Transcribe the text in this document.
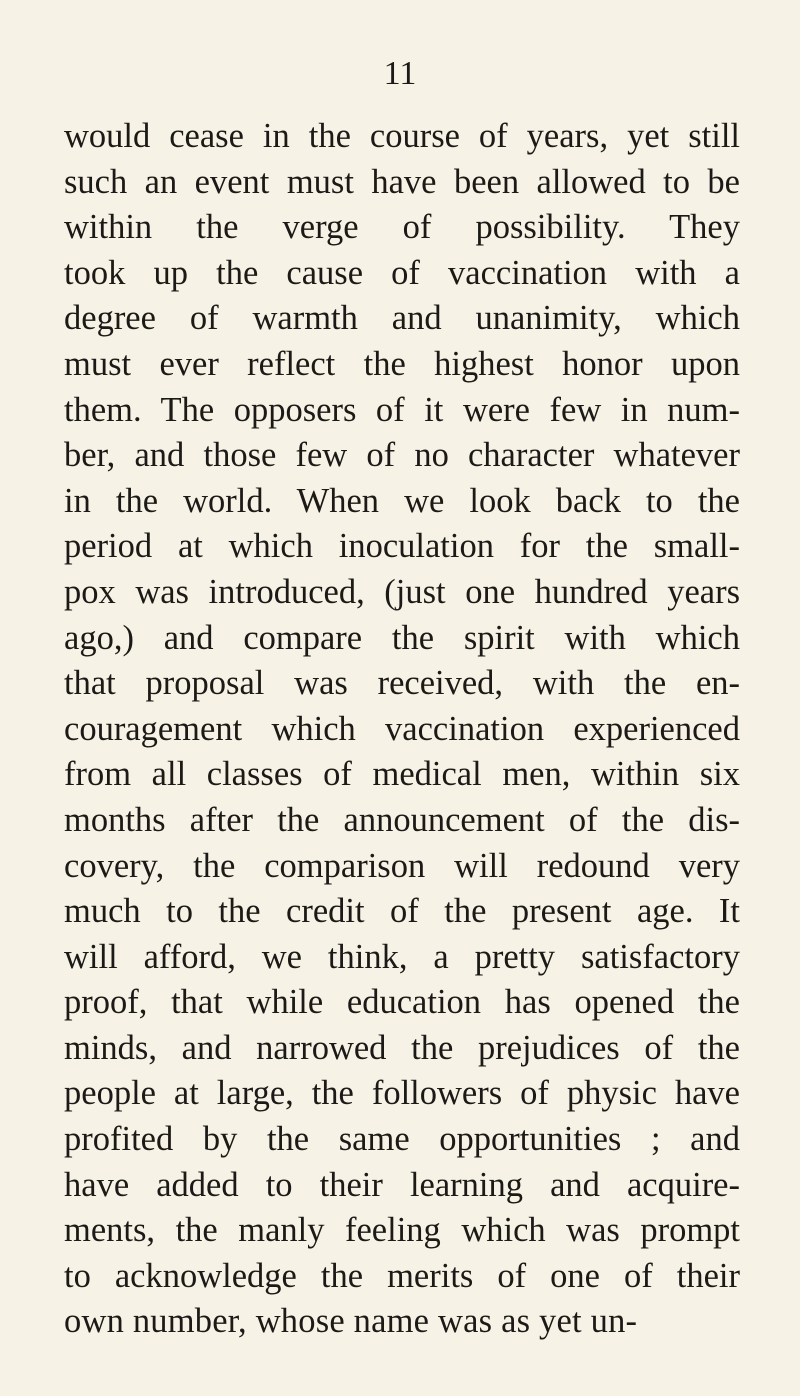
11
would cease in the course of years, yet still
such an event must have been allowed to be
within the verge of possibility. They
took up the cause of vaccination with a
degree of warmth and unanimity, which
must ever reflect the highest honor upon
them. The opposers of it were few in num-
ber, and those few of no character whatever
in the world. When we look back to the
period at which inoculation for the small-
pox was introduced, (just one hundred years
ago,) and compare the spirit with which
that proposal was received, with the en-
couragement which vaccination experienced
from all classes of medical men, within six
months after the announcement of the dis-
covery, the comparison will redound very
much to the credit of the present age. It
will afford, we think, a pretty satisfactory
proof, that while education has opened the
minds, and narrowed the prejudices of the
people at large, the followers of physic have
profited by the same opportunities ; and
have added to their learning and acquire-
ments, the manly feeling which was prompt
to acknowledge the merits of one of their
own number, whose name was as yet un-
